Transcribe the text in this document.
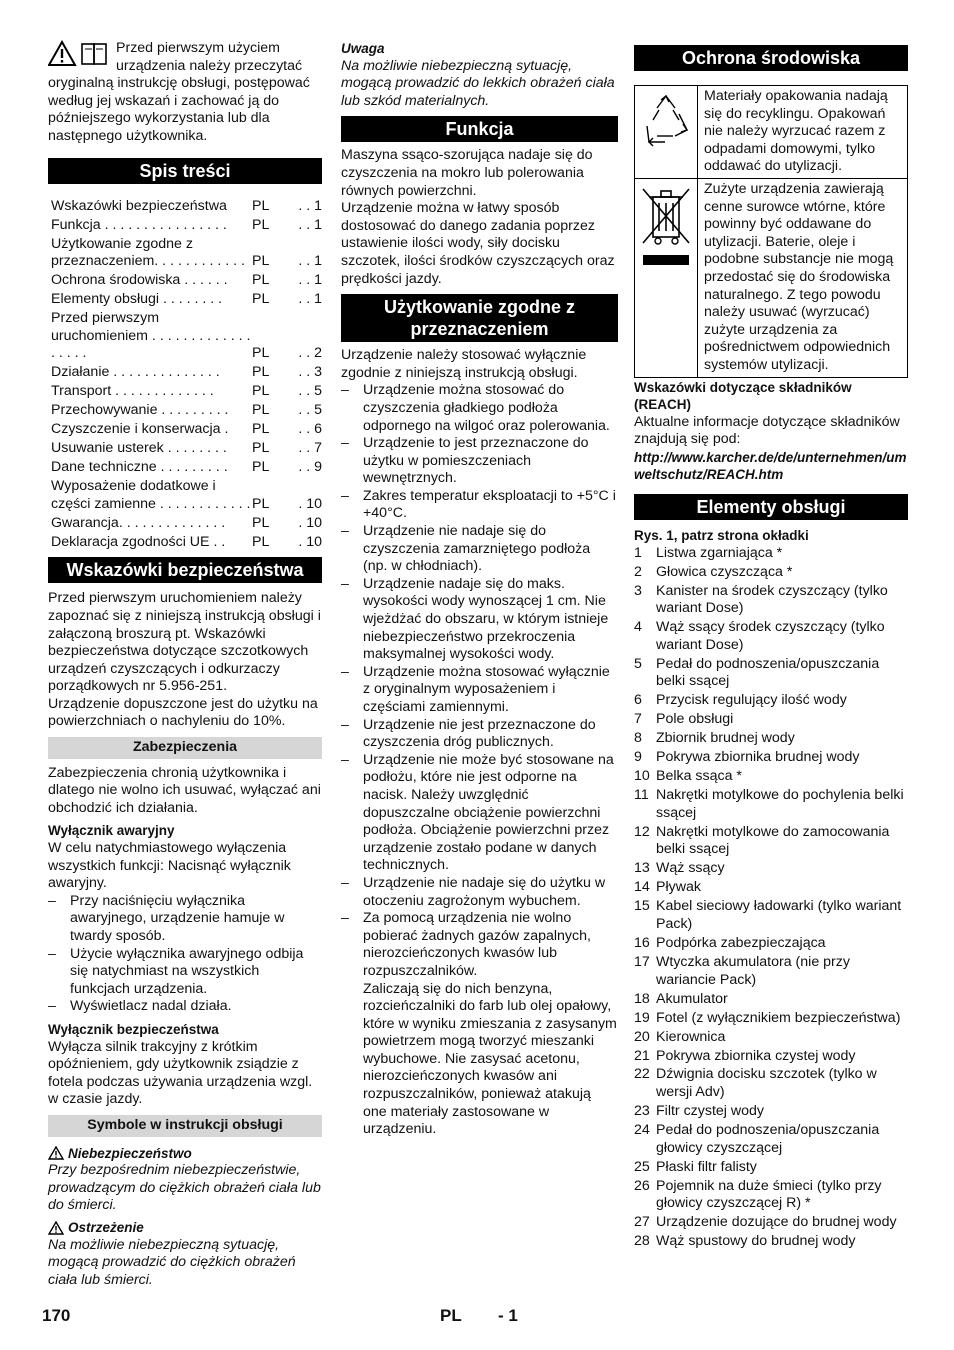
Przed pierwszym użyciem urządzenia należy przeczytać oryginalną instrukcję obsługi, postępować według jej wskazań i zachować ją do późniejszego wykorzystania lub dla następnego użytkownika.

Spis treści
Wskazówki bezpieczeństwa	PL	. . 1
Funkcja . . . . . . . . . . . . . . . .	PL	. . 1
Użytkowanie zgodne z przeznaczeniem. . . . . . . . . . . . PL	. . 1
Ochrona środowiska . . . . . .	PL	. . 1
Elementy obsługi . . . . . . . .	PL	. . 1
Przed pierwszym uruchomieniem . . . . . . . . . . . . . . . . . .	PL	. . 2
Działanie . . . . . . . . . . . . . .	PL	. . 3
Transport . . . . . . . . . . . . .	PL	. . 5
Przechowywanie . . . . . . . . .	PL	. . 5
Czyszczenie i konserwacja .	PL	. . 6
Usuwanie usterek . . . . . . . .	PL	. . 7
Dane techniczne . . . . . . . . .	PL	. . 9
Wyposażenie dodatkowe i części zamienne . . . . . . . . . . . . PL	. 10
Gwarancja. . . . . . . . . . . . . .	PL	. 10
Deklaracja zgodności UE . .	PL	. 10
Wskazówki bezpieczeństwa

Przed pierwszym uruchomieniem należy zapoznać się z niniejszą instrukcją obsługi i załączoną broszurą pt. Wskazówki bezpieczeństwa dotyczące szczotkowych urządzeń czyszczących i odkurzaczy porządkowych nr 5.956-251.

Urządzenie dopuszczone jest do użytku na powierzchniach o nachyleniu do 10%.

Zabezpieczenia

Zabezpieczenia chronią użytkownika i dlatego nie wolno ich usuwać, wyłączać ani obchodzić ich działania.

Wyłącznik awaryjny

W celu natychmiastowego wyłączenia wszystkich funkcji: Nacisnąć wyłącznik awaryjny.

– Przy naciśnięciu wyłącznika awaryjnego, urządzenie hamuje w twardy sposób.
– Użycie wyłącznika awaryjnego odbija się natychmiast na wszystkich funkcjach urządzenia.
– Wyświetlacz nadal działa.

Wyłącznik bezpieczeństwa

Wyłącza silnik trakcyjny z krótkim opóźnieniem, gdy użytkownik zsiądzie z fotela podczas używania urządzenia wzgl. w czasie jazdy.

Symbole w instrukcji obsługi
Niebezpieczeństwo

Przy bezpośrednim niebezpieczeństwie, prowadzącym do ciężkich obrażeń ciała lub do śmierci.

Ostrzeżenie

Na możliwie niebezpieczną sytuację, mogącą prowadzić do ciężkich obrażeń ciała lub śmierci.

Uwaga

Na możliwie niebezpieczną sytuację, mogącą prowadzić do lekkich obrażeń ciała lub szkód materialnych.

Funkcja

Maszyna ssąco-szorująca nadaje się do czyszczenia na mokro lub polerowania równych powierzchni.

Urządzenie można w łatwy sposób dostosować do danego zadania poprzez ustawienie ilości wody, siły docisku szczotek, ilości środków czyszczących oraz prędkości jazdy.

Użytkowanie zgodne z przeznaczeniem

Urządzenie należy stosować wyłącznie zgodnie z niniejszą instrukcją obsługi.

– Urządzenie można stosować do czyszczenia gładkiego podłoża odpornego na wilgoć oraz polerowania.
– Urządzenie to jest przeznaczone do użytku w pomieszczeniach wewnętrznych.
– Zakres temperatur eksploatacji to +5°C i +40°C.
– Urządzenie nie nadaje się do czyszczenia zamarzniętego podłoża (np. w chłodniach).
– Urządzenie nadaje się do maks. wysokości wody wynoszącej 1 cm. Nie wjeżdżać do obszaru, w którym istnieje niebezpieczeństwo przekroczenia maksymalnej wysokości wody.
– Urządzenie można stosować wyłącznie z oryginalnym wyposażeniem i częściami zamiennymi.
– Urządzenie nie jest przeznaczone do czyszczenia dróg publicznych.
– Urządzenie nie może być stosowane na podłożu, które nie jest odporne na nacisk. Należy uwzględnić dopuszczalne obciążenie powierzchni podłoża. Obciążenie powierzchni przez urządzenie zostało podane w danych technicznych.
– Urządzenie nie nadaje się do użytku w otoczeniu zagrożonym wybuchem.
– Za pomocą urządzenia nie wolno pobierać żadnych gazów zapalnych, nierozcieńczonych kwasów lub rozpuszczalników.

Zaliczają się do nich benzyna, rozcieńczalniki do farb lub olej opałowy, które w wyniku zmieszania z zasysanym powietrzem mogą tworzyć mieszanki wybuchowe. Nie zasysać acetonu, nierozcieńczonych kwasów ani rozpuszczalników, ponieważ atakują one materiały zastosowane w urządzeniu.

Ochrona środowiska
	Materiały opakowania nadają się do recyklingu. Opakowań nie należy wyrzucać razem z odpadami domowymi, tylko oddawać do utylizacji.
	Zużyte urządzenia zawierają cenne surowce wtórne, które powinny być oddawane do utylizacji. Baterie, oleje i podobne substancje nie mogą przedostać się do środowiska naturalnego. Z tego powodu należy usuwać (wyrzucać) zużyte urządzenia za pośrednictwem odpowiednich systemów utylizacji.

Wskazówki dotyczące składników (REACH)

Aktualne informacje dotyczące składników znajdują się pod:

http://www.karcher.de/de/unternehmen/umweltschutz/REACH.htm

Elementy obsługi

Rys. 1, patrz strona okładki

1 Listwa zgarniająca *
2 Głowica czyszcząca *
3 Kanister na środek czyszczący (tylko wariant Dose)
4 Wąż ssący środek czyszczący (tylko wariant Dose)
5 Pedał do podnoszenia/opuszczania belki ssącej
6 Przycisk regulujący ilość wody
7 Pole obsługi
8 Zbiornik brudnej wody
9 Pokrywa zbiornika brudnej wody
10 Belka ssąca *
11 Nakrętki motylkowe do pochylenia belki ssącej
12 Nakrętki motylkowe do zamocowania belki ssącej
13 Wąż ssący
14 Pływak
15 Kabel sieciowy ładowarki (tylko wariant Pack)
16 Podpórka zabezpieczająca
17 Wtyczka akumulatora (nie przy wariancie Pack)
18 Akumulator
19 Fotel (z wyłącznikiem bezpieczeństwa)
20 Kierownica
21 Pokrywa zbiornika czystej wody
22 Dźwignia docisku szczotek (tylko w wersji Adv)
23 Filtr czystej wody
24 Pedał do podnoszenia/opuszczania głowicy czyszczącej
25 Płaski filtr falisty
26 Pojemnik na duże śmieci (tylko przy głowicy czyszczącej R) *
27 Urządzenie dozujące do brudnej wody
28 Wąż spustowy do brudnej wody
170	PL - 1
